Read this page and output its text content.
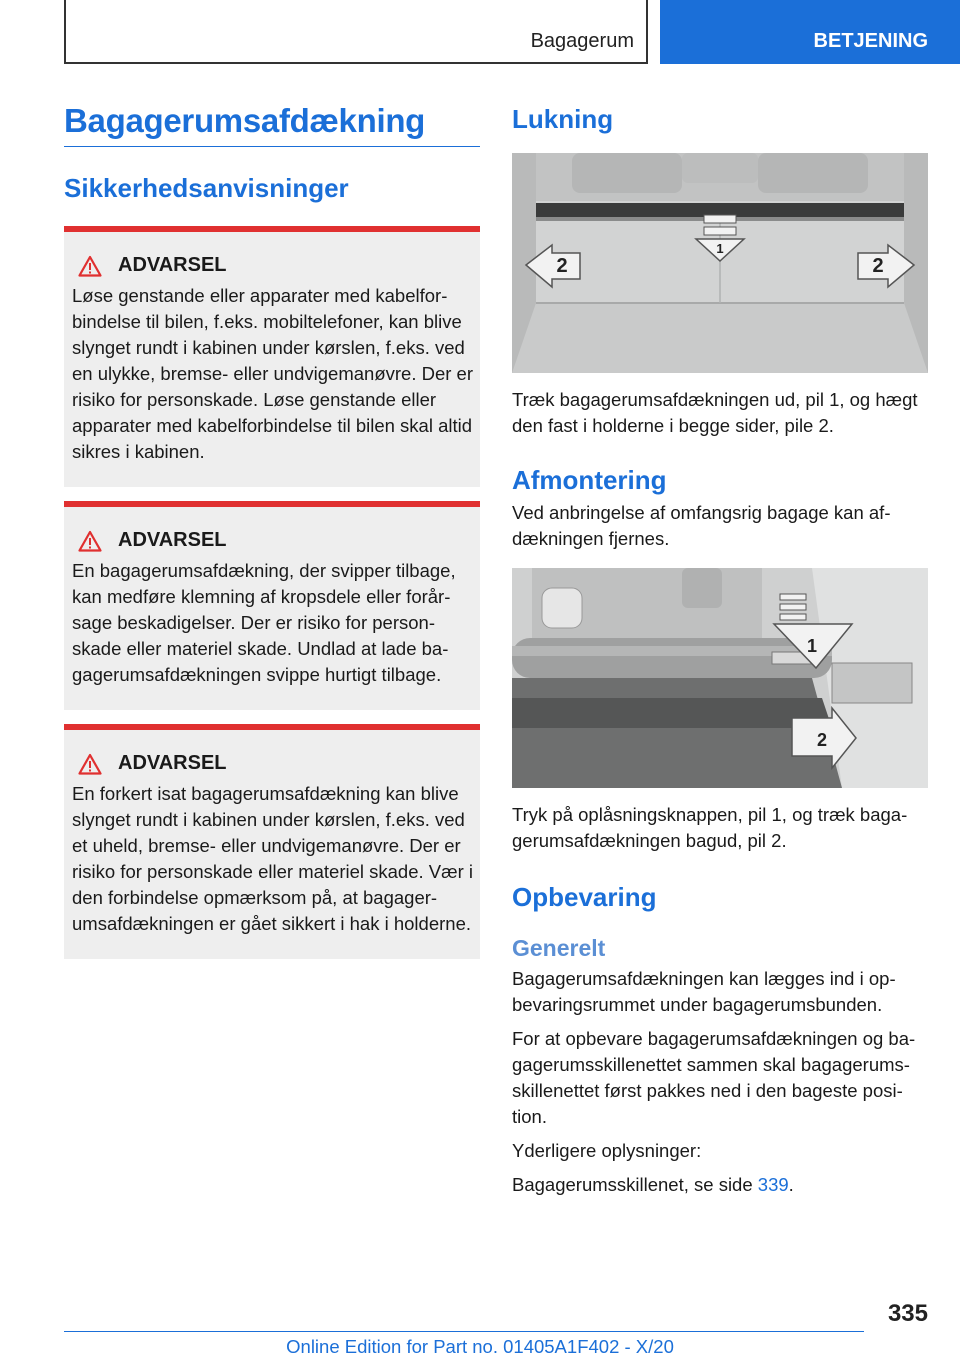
Bagagerum	BETJENING
Bagagerumsafdækning
Sikkerhedsanvisninger
ADVARSEL

Løse genstande eller apparater med kabelforbindelse til bilen, f.eks. mobiltelefoner, kan blive slynget rundt i kabinen under kørslen, f.eks. ved en ulykke, bremse- eller undvigemanøvre. Der er risiko for personskade. Løse genstande eller apparater med kabelforbindelse til bilen skal altid sikres i kabinen.

ADVARSEL

En bagagerumsafdækning, der svipper tilbage, kan medføre klemning af kropsdele eller forårsage beskadigelser. Der er risiko for personskade eller materiel skade. Undlad at lade bagagerumsafdækningen svippe hurtigt tilbage.

ADVARSEL

En forkert isat bagagerumsafdækning kan blive slynget rundt i kabinen under kørslen, f.eks. ved et uheld, bremse- eller undvigemanøvre. Der er risiko for personskade eller materiel skade. Vær i den forbindelse opmærksom på, at bagagerumsafdækningen er gået sikkert i hak i holderne.

Lukning
1
2	2

Træk bagagerumsafdækningen ud, pil 1, og hægt den fast i holderne i begge sider, pile 2.

Afmontering

Ved anbringelse af omfangsrig bagage kan afdækningen fjernes.

1
2

Tryk på oplåsningsknappen, pil 1, og træk bagagerumsafdækningen bagud, pil 2.

Opbevaring
Generelt

Bagagerumsafdækningen kan lægges ind i opbevaringsrummet under bagagerumsbunden.

For at opbevare bagagerumsafdækningen og bagagerumsskillenettet sammen skal bagagerumsskillenettet først pakkes ned i den bageste position.

Yderligere oplysninger:

Bagagerumsskillenet, se side 339.

335
Online Edition for Part no. 01405A1F402 - X/20
